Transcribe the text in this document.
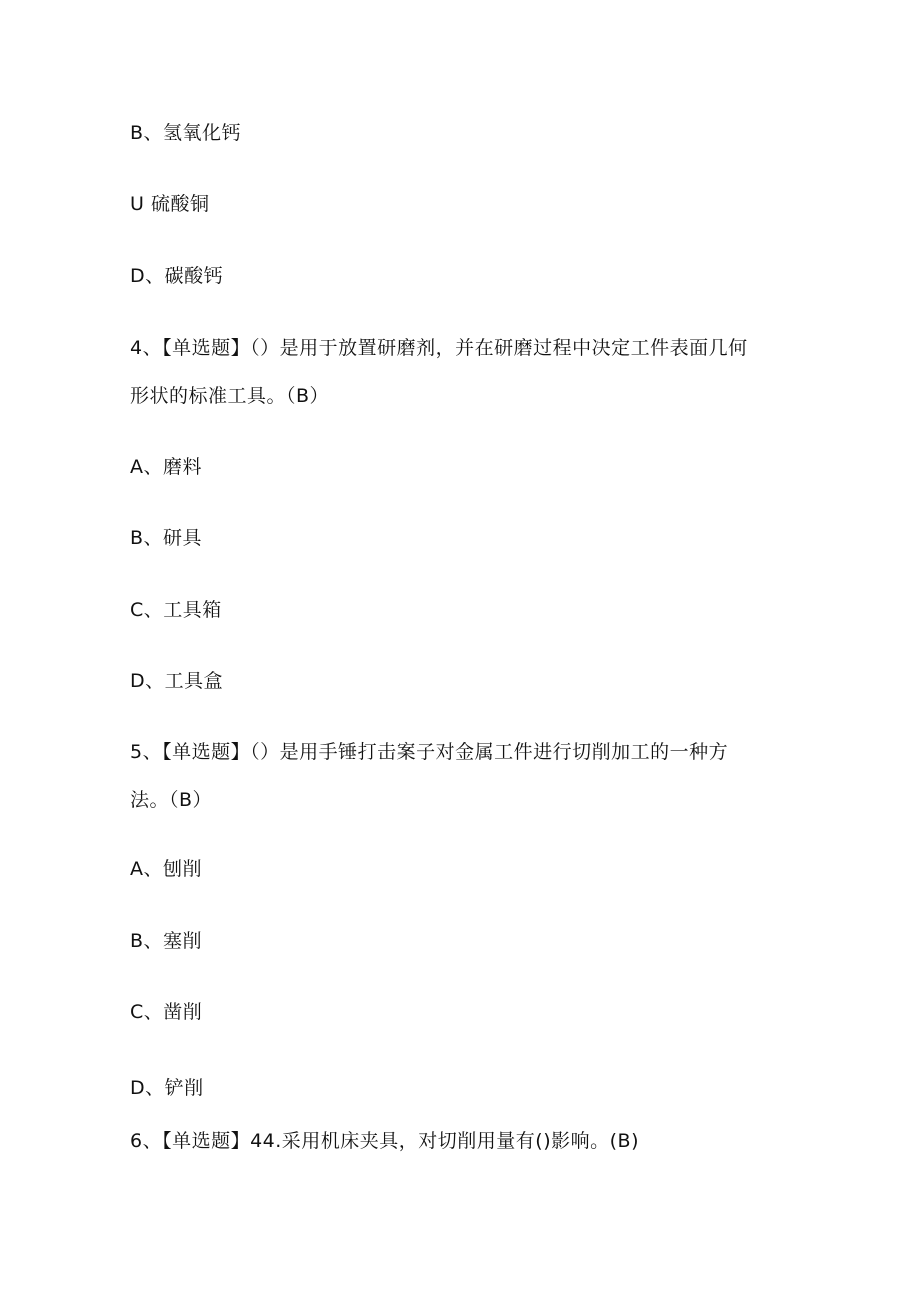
B、氢氧化钙
U 硫酸铜
D、碳酸钙
4、【单选题】（）是用于放置研磨剂，并在研磨过程中决定工件表面几何
形状的标准工具。（B）
A、磨料
B、研具
C、工具箱
D、工具盒
5、【单选题】（）是用手锤打击案子对金属工件进行切削加工的一种方
法。（B）
A、刨削
B、塞削
C、凿削
D、铲削
6、【单选题】44.采用机床夹具，对切削用量有()影响。(B)
